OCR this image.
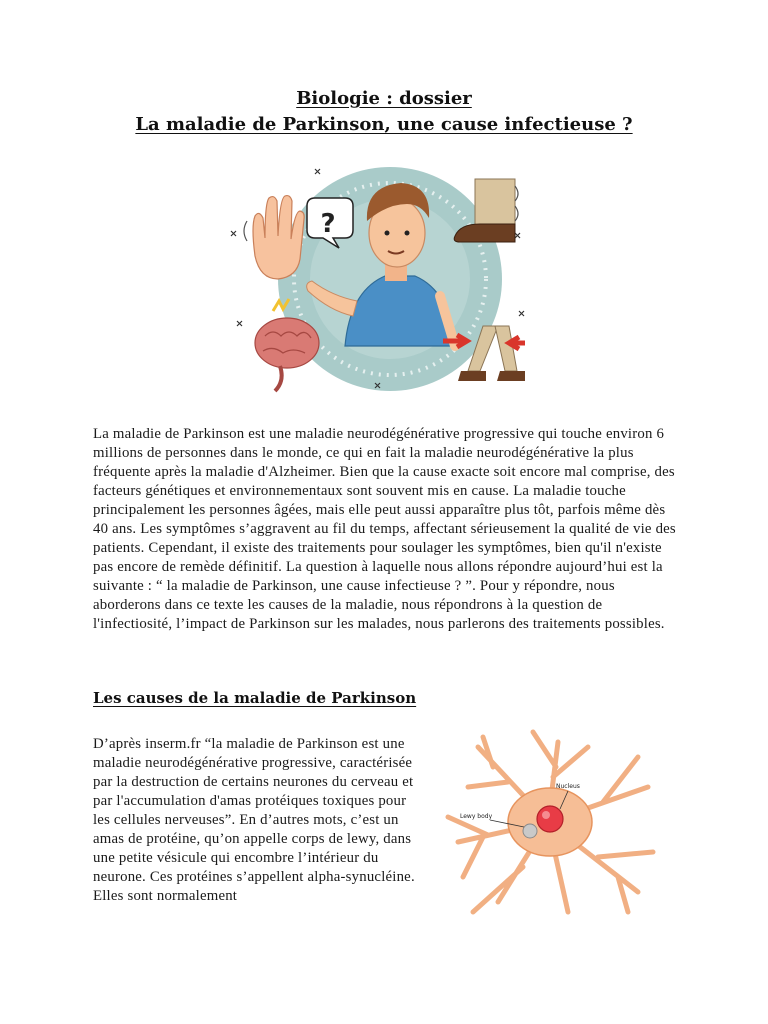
Biologie : dossier
La maladie de Parkinson, une cause infectieuse ?
?

La maladie de Parkinson est une maladie neurodégénérative progressive qui touche environ 6 millions de personnes dans le monde, ce qui en fait la maladie neurodégénérative la plus fréquente après la maladie d'Alzheimer. Bien que la cause exacte soit encore mal comprise, des facteurs génétiques et environnementaux sont souvent mis en cause. La maladie touche principalement les personnes âgées, mais elle peut aussi apparaître plus tôt, parfois même dès 40 ans. Les symptômes s’aggravent au fil du temps, affectant sérieusement la qualité de vie des patients. Cependant, il existe des traitements pour soulager les symptômes, bien qu'il n'existe pas encore de remède définitif. La question à laquelle nous allons répondre aujourd’hui est la suivante : “ la maladie de Parkinson, une cause infectieuse ? ”. Pour y répondre, nous aborderons dans ce texte les causes de la maladie, nous répondrons à la question de l'infectiosité, l’impact de Parkinson sur les malades, nous parlerons des traitements possibles.

Les causes de la maladie de Parkinson

D’après inserm.fr “la maladie de Parkinson est une maladie neurodégénérative progressive, caractérisée par la destruction de certains neurones du cerveau et par l'accumulation d'amas protéiques toxiques pour les cellules nerveuses”. En d’autres mots, c’est un amas de protéine, qu’on appelle corps de lewy, dans une petite vésicule qui encombre l’intérieur du neurone. Ces protéines s’appellent alpha-synucléine. Elles sont normalement

Nucleus
Lewy body
